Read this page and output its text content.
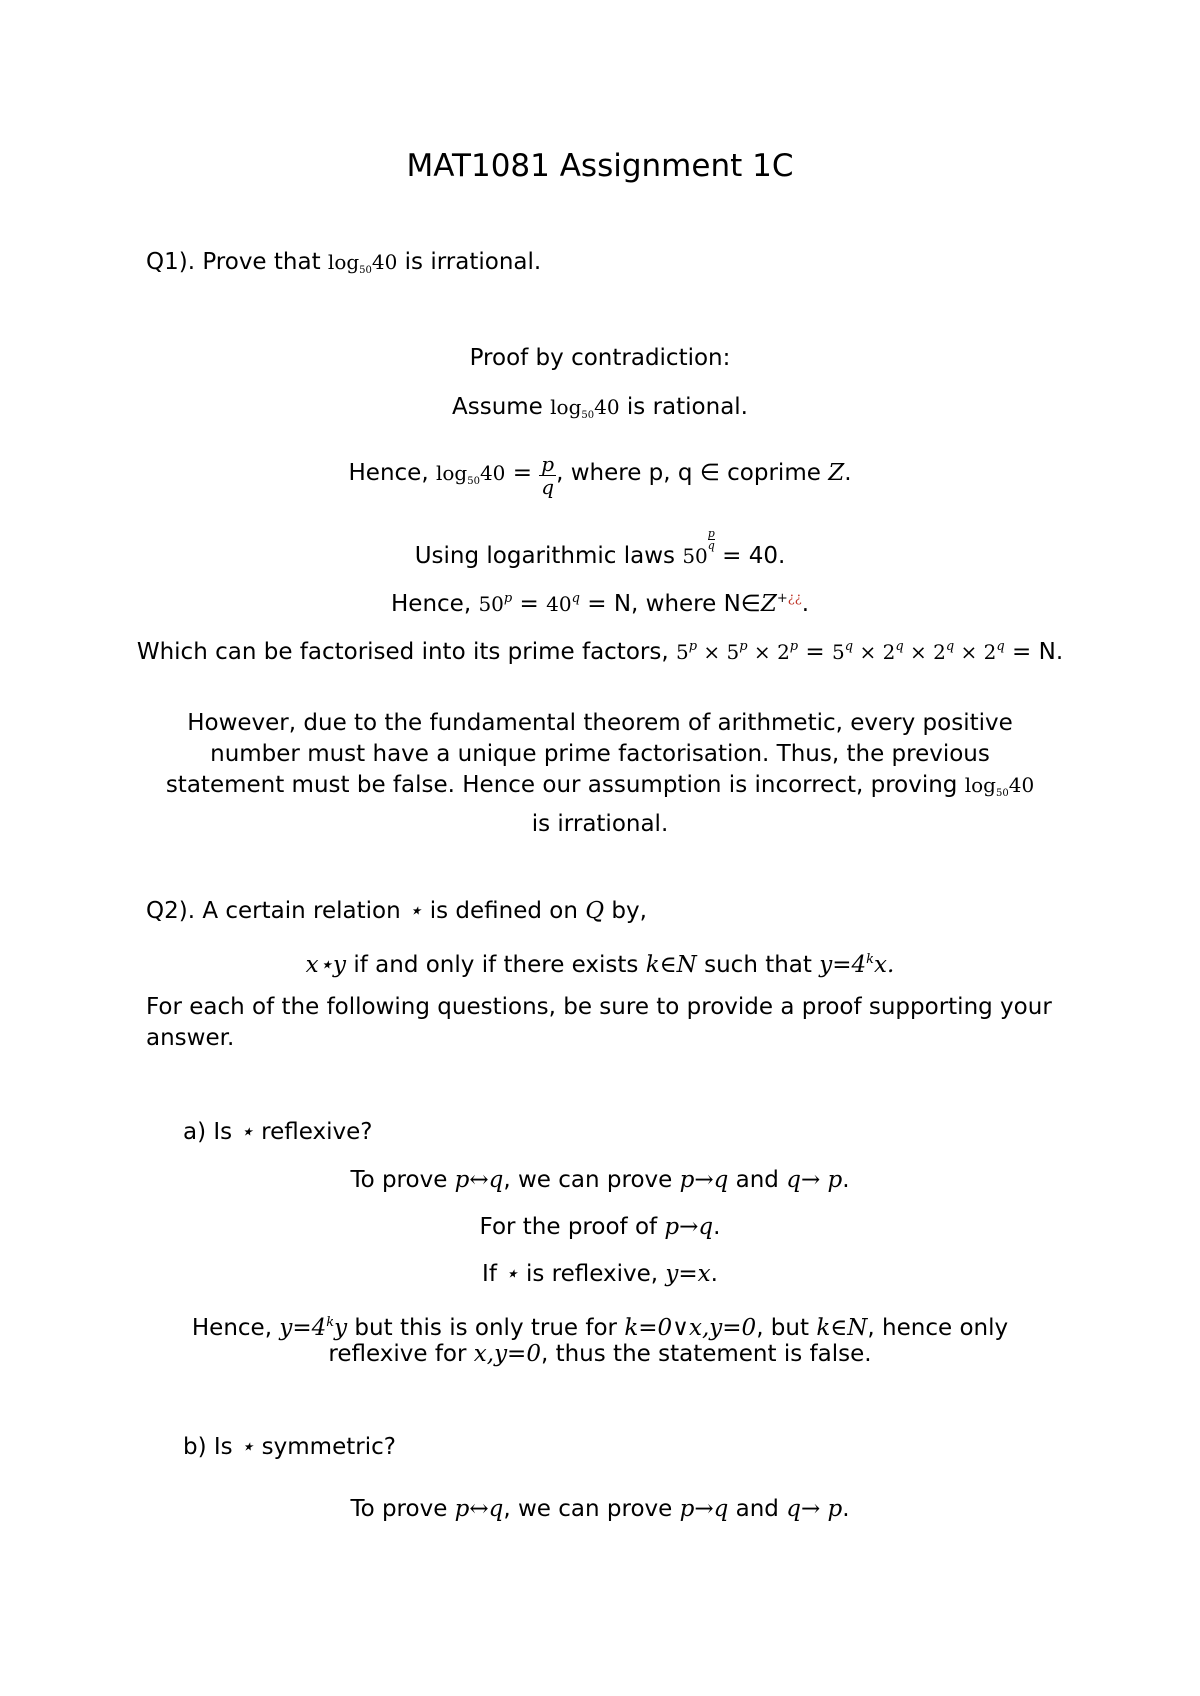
MAT1081 Assignment 1C
Q1). Prove that $\log_{50}40$ is irrational.
Proof by contradiction:
Assume $\log_{50}40$ is rational.
Hence, $\log_{50}40 = \frac{p}{q}$ , where p, q ∈ coprime Z.
Using logarithmic laws 50
$\frac{p}{q}$
= 40.
Hence, $50^p = 40^q = N$, where N∈Z+¿¿.
Which can be factorised into its prime factors, $5^p \times 5^p \times 2^p = 5^q \times 2^q \times 2^q \times 2^q = N$.
However, due to the fundamental theorem of arithmetic, every positive number must have a unique prime factorisation. Thus, the previous statement must be false. Hence our assumption is incorrect, proving $\log_{50}40$ is irrational.
Q2). A certain relation ⋆ is defined on Q by,
x⋆y if and only if there exists k∈N such that $y=4^kx$.
For each of the following questions, be sure to provide a proof supporting your answer.
a) Is ⋆ reflexive?
To prove p↔q, we can prove p→q and q→ p.
For the proof of p→q.
If ⋆ is reflexive, y=x.
Hence, $y=4^ky$ but this is only true for k=0∨x,y=0, but k∈N, hence only
reflexive for x,y=0, thus the statement is false.
b) Is ⋆ symmetric?
To prove p↔q, we can prove p→q and q→ p.
